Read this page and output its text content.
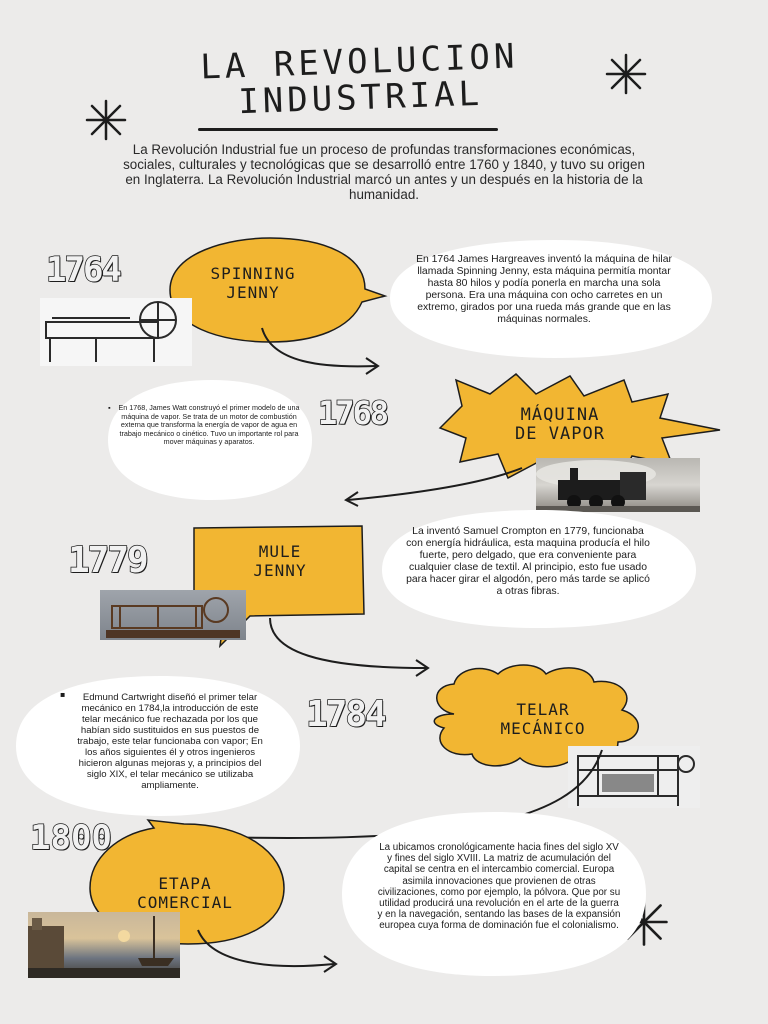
LA REVOLUCION
INDUSTRIAL
La Revolución Industrial fue un proceso de profundas transformaciones económicas, sociales, culturales y tecnológicas que se desarrolló entre 1760 y 1840, y tuvo su origen en Inglaterra. La Revolución Industrial marcó un antes y un después en la historia de la humanidad.
1764	SPINNING
JENNY
En 1764 James Hargreaves inventó la máquina de hilar llamada Spinning Jenny, esta máquina permitía montar hasta 80 hilos y podía ponerla en marcha una sola persona. Era una máquina con ocho carretes en un extremo, girados por una rueda más grande que en las máquinas normales.
▪ En 1768, James Watt construyó el primer modelo de una máquina de vapor. Se trata de un motor de combustión externa que transforma la energía de vapor de agua en trabajo mecánico o cinético. Tuvo un importante rol para mover máquinas y aparatos.
1768	MÁQUINA
DE VAPOR
1779	MULE
JENNY
La inventó Samuel Crompton en 1779, funcionaba con energía hidráulica, esta maquina producía el hilo fuerte, pero delgado, que era conveniente para cualquier clase de textil. Al principio, esto fue usado para hacer girar el algodón, pero más tarde se aplicó a otras fibras.
▪	Edmund Cartwright diseñó el primer telar mecánico en 1784,la introducción de este telar mecánico fue rechazada por los que habían sido sustituidos en sus puestos de trabajo, este telar funcionaba con vapor; En los años siguientes él y otros ingenieros hicieron algunas mejoras y, a principios del siglo XIX, el telar mecánico se utilizaba ampliamente.
1784	TELAR
MECÁNICO
1800
ETAPA
COMERCIAL
La ubicamos cronológicamente hacia fines del siglo XV y fines del siglo XVIII. La matriz de acumulación del capital se centra en el intercambio comercial. Europa asimila innovaciones que provienen de otras civilizaciones, como por ejemplo, la pólvora. Que por su utilidad producirá una revolución en el arte de la guerra y en la navegación, sentando las bases de la expansión europea cuya forma de dominación fue el colonialismo.
